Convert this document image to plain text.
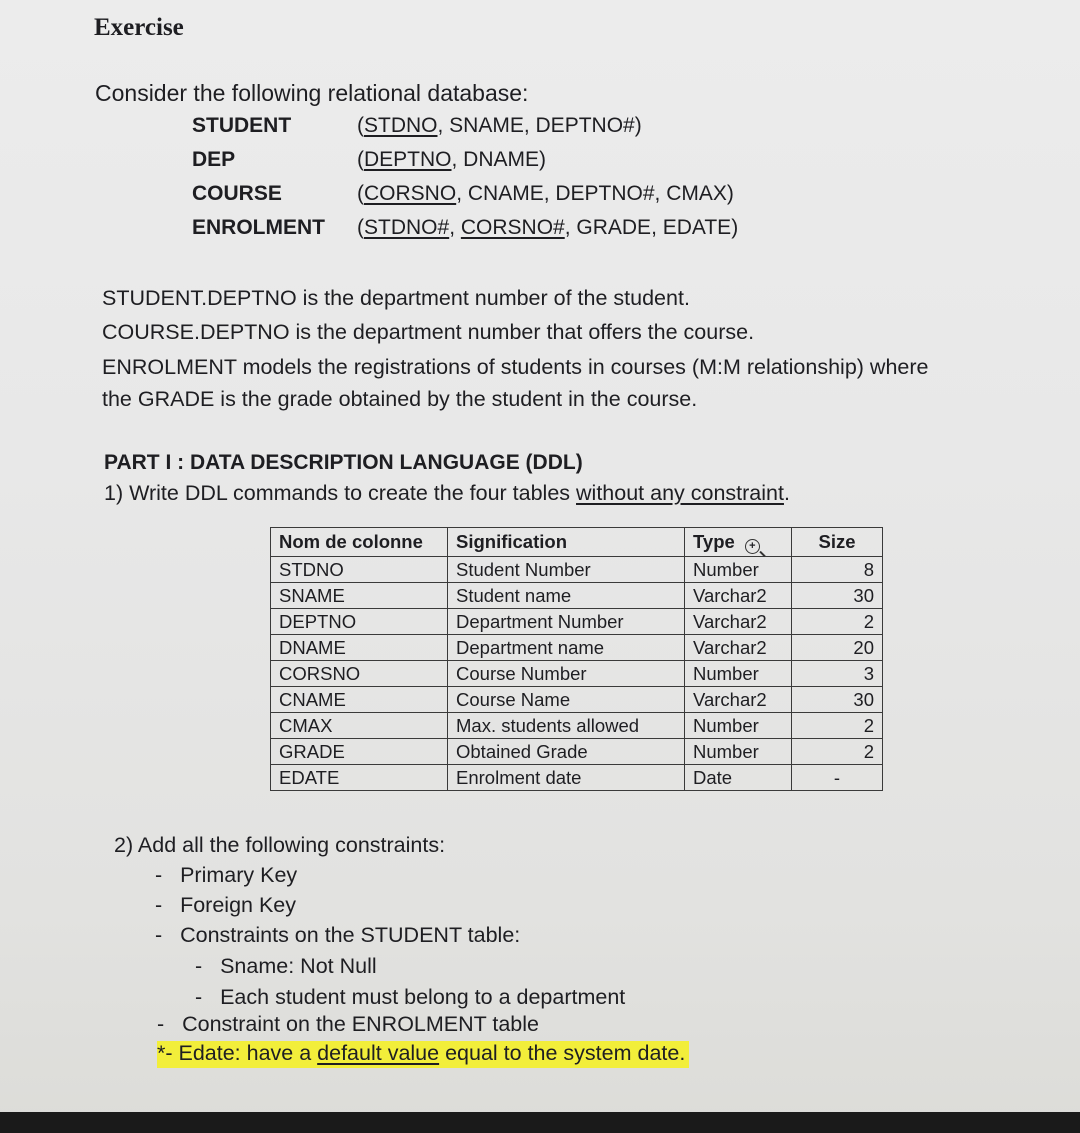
Exercise
Consider the following relational database:
STUDENT	(STDNO, SNAME, DEPTNO#)
DEP	(DEPTNO, DNAME)
COURSE	(CORSNO, CNAME, DEPTNO#, CMAX)
ENROLMENT (STDNO#, CORSNO#, GRADE, EDATE)
STUDENT.DEPTNO is the department number of the student.
COURSE.DEPTNO is the department number that offers the course.
ENROLMENT models the registrations of students in courses (M:M relationship) where
the GRADE is the grade obtained by the student in the course.
PART I : DATA DESCRIPTION LANGUAGE (DDL)
1) Write DDL commands to create the four tables without any constraint.
Nom de colonne	Signification	Type +	Size
STDNO	Student Number	Number	8
SNAME	Student name	Varchar2	30
DEPTNO	Department Number	Varchar2	2
DNAME	Department name	Varchar2	20
CORSNO	Course Number	Number	3
CNAME	Course Name	Varchar2	30
CMAX	Max. students allowed	Number	2
GRADE	Obtained Grade	Number	2
EDATE	Enrolment date	Date	-
2) Add all the following constraints:
-   Primary Key
-   Foreign Key
-   Constraints on the STUDENT table:
-   Sname: Not Null
-   Each student must belong to a department
-   Constraint on the ENROLMENT table
*- Edate: have a default value equal to the system date.
